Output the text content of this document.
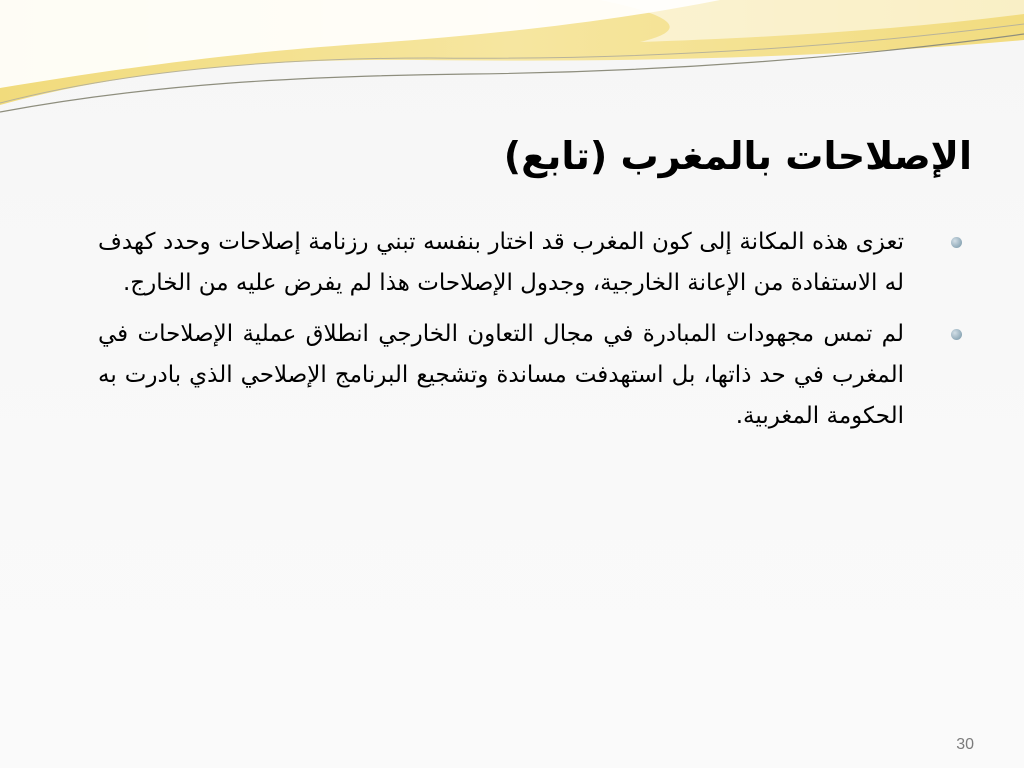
الإصلاحات بالمغرب (تابع)
تعزى هذه المكانة إلى كون المغرب قد اختار بنفسه تبني رزنامة إصلاحات وحدد كهدف له الاستفادة من الإعانة الخارجية، وجدول الإصلاحات هذا لم يفرض عليه من الخارج.
لم تمس مجهودات المبادرة في مجال التعاون الخارجي انطلاق عملية الإصلاحات في المغرب في حد ذاتها، بل استهدفت مساندة وتشجيع البرنامج الإصلاحي الذي بادرت به الحكومة المغربية.
30
